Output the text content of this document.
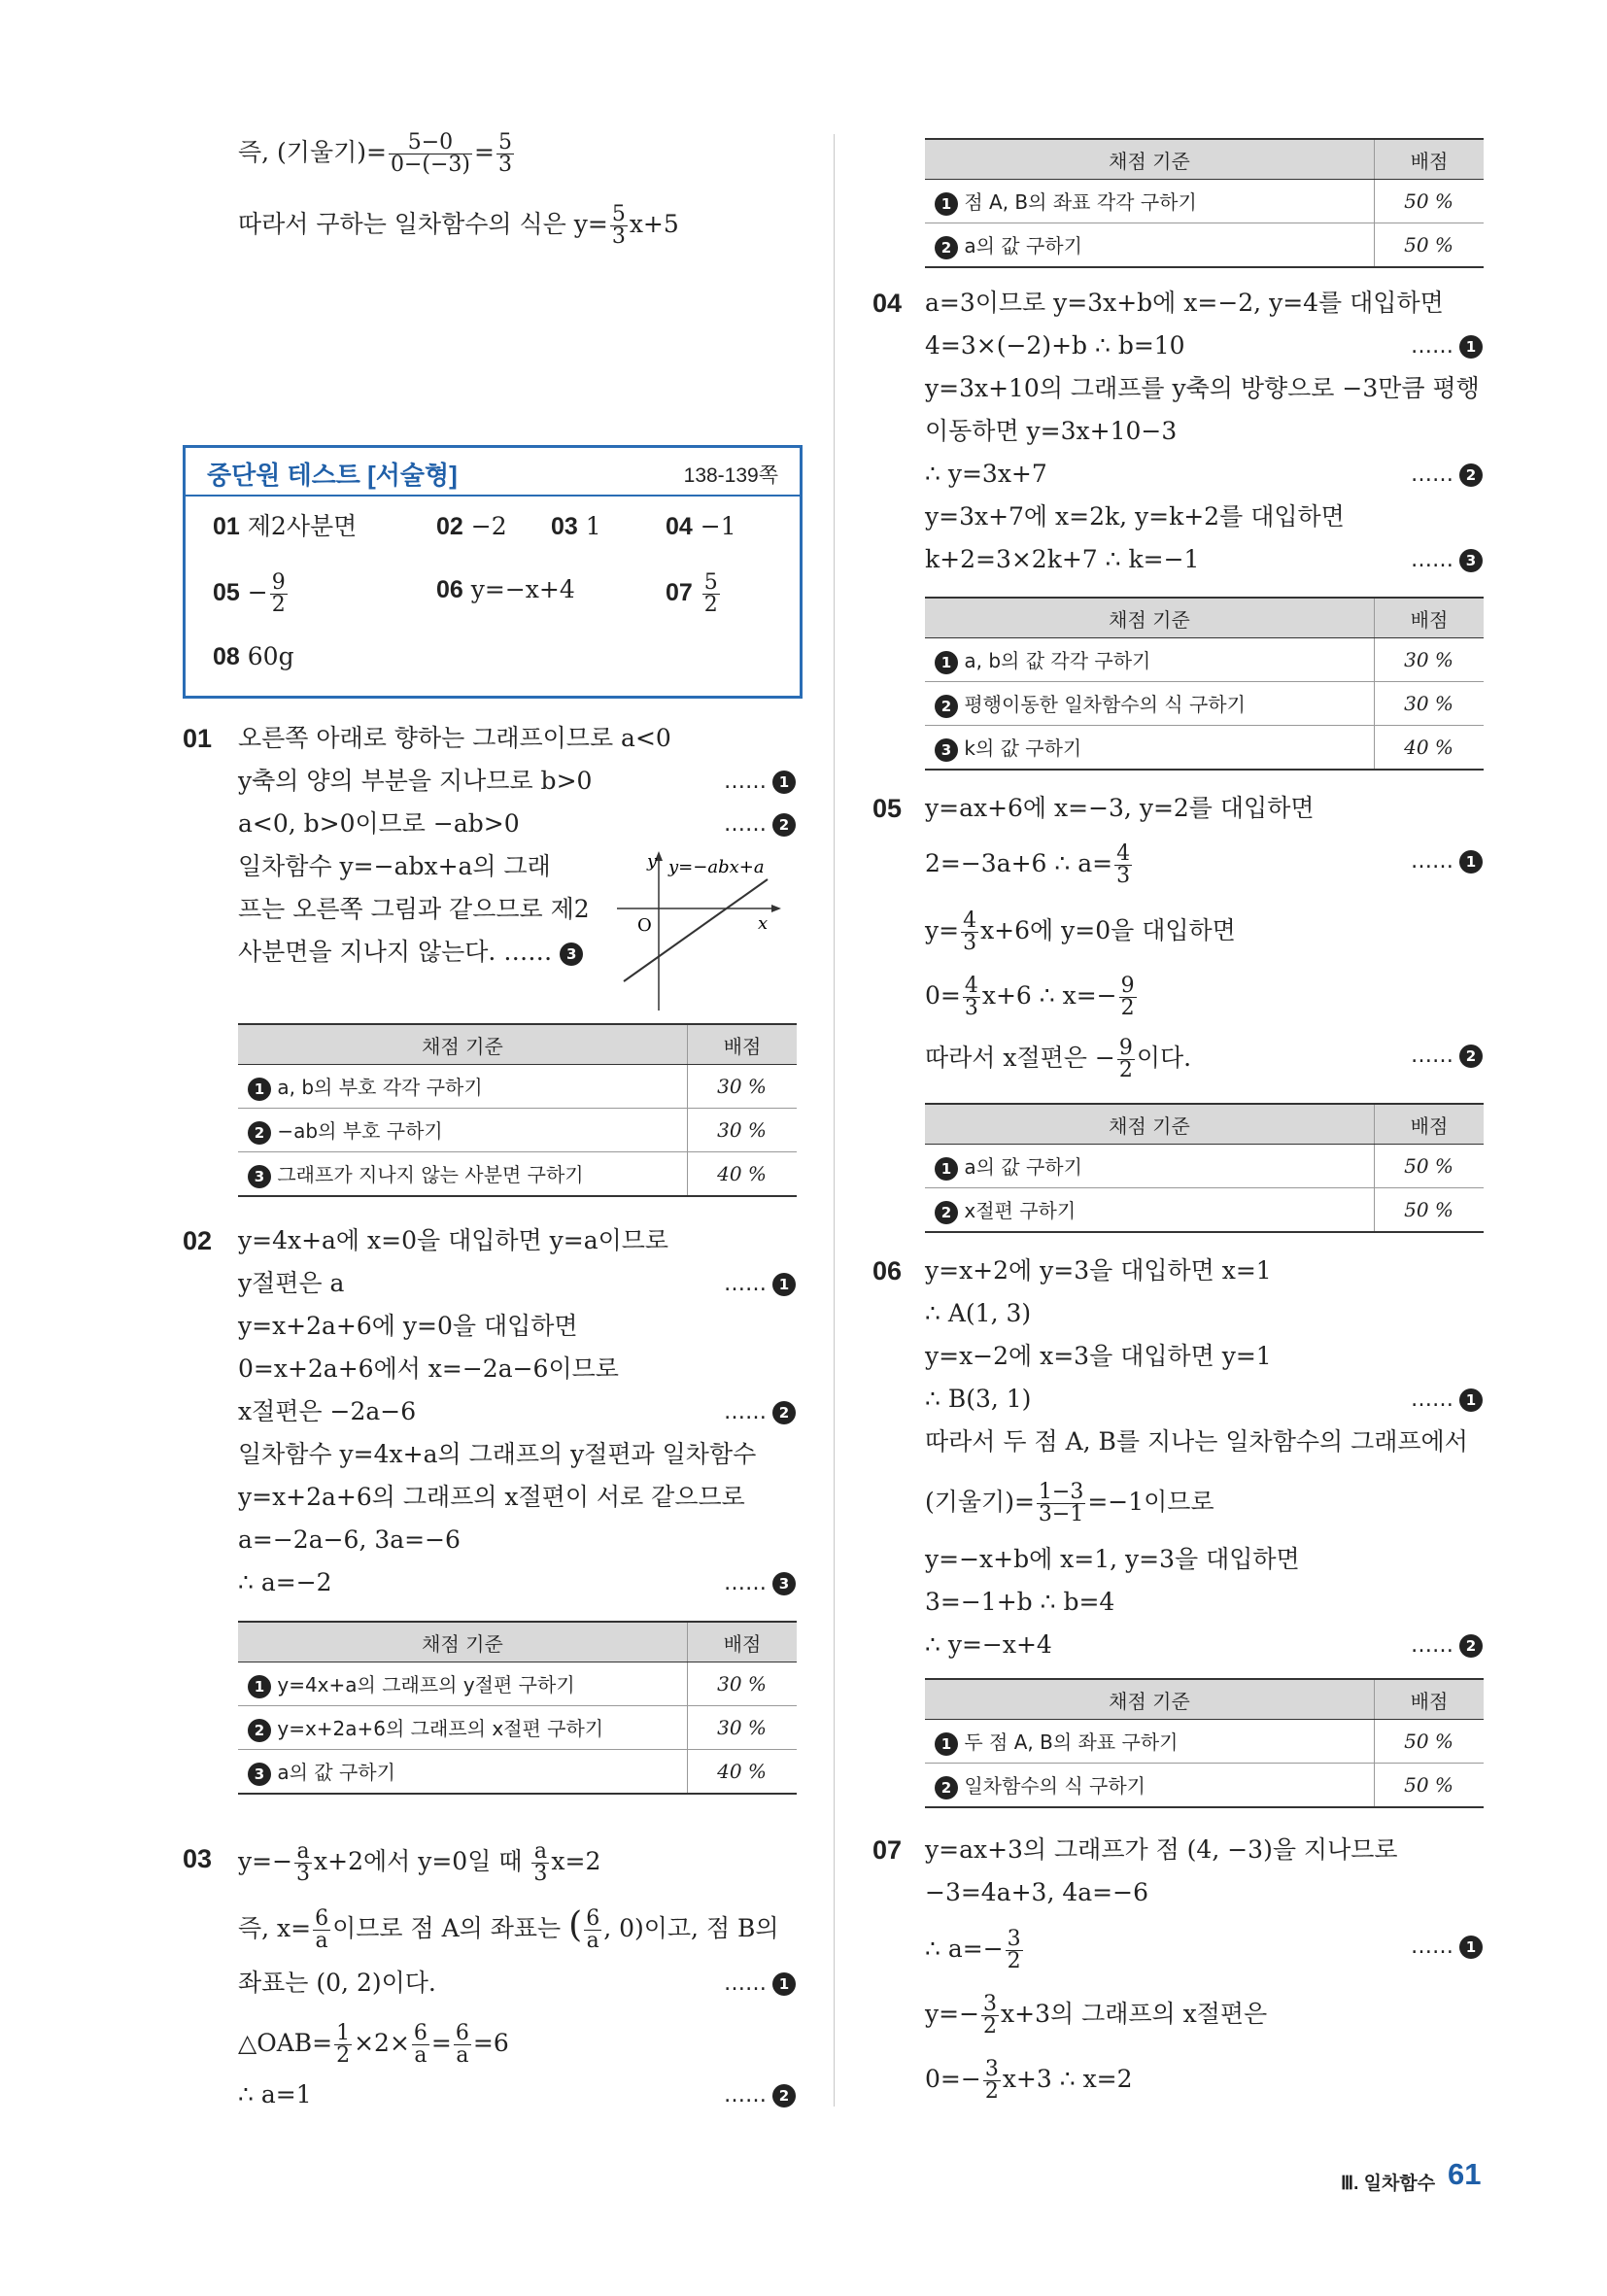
즉, (기울기)= $\frac{5-0}{0-(-3)} = \frac{5}{3}$
따라서 구하는 일차함수의 식은 $y= \frac{5}{3} x+5$
중단원 테스트 [서술형]	138-139쪽
01 제2사분면	02 −2 03 1	04 −1
$05 - \frac{9}{2}$	06 y=−x+4	$07 \frac{5}{2}$
08 60g
01 오른쪽 아래로 향하는 그래프이므로 a<0
y축의 양의 부분을 지나므로 b>0
a<0, b>0이므로 −ab>0
일차함수 y=−abx+a의 그래
프는 오른쪽 그림과 같으므로 제2
사분면을 지나지 않는다. …… 3
…… 1
…… 2
y
x
O
y=−abx+a
채점 기준	배점
1 a, b의 부호 각각 구하기	30 %
2 −ab의 부호 구하기	30 %
3 그래프가 지나지 않는 사분면 구하기	40 %
02 y=4x+a에 x=0을 대입하면 y=a이므로
y절편은 a
y=x+2a+6에 y=0을 대입하면
0=x+2a+6에서 x=−2a−6이므로
x절편은 −2a−6
일차함수 y=4x+a의 그래프의 y절편과 일차함수
y=x+2a+6의 그래프의 x절편이 서로 같으므로
a=−2a−6, 3a=−6
∴ a=−2
…… 1
…… 2
…… 3
채점 기준	배점
1 y=4x+a의 그래프의 y절편 구하기	30 %
2 y=x+2a+6의 그래프의 x절편 구하기	30 %
3 a의 값 구하기	40 %
03 $y=- \frac{a}{3} x+2$에서 y=0일 때 $\frac{a}{3} x=2$
즉, $x= \frac{6}{a}$ 이므로 점 A의 좌표는 ( $\frac{6}{a}$ , 0)이고, 점 B의
좌표는 (0, 2)이다.	…… 1
△OAB= $\frac{1}{2} \times 2\times \frac{6}{a} = \frac{6}{a} =6$
∴ a=1	…… 2
채점 기준	배점
1 점 A, B의 좌표 각각 구하기	50 %
2 a의 값 구하기	50 %
04 a=3이므로 y=3x+b에 x=−2, y=4를 대입하면
4=3×(−2)+b ∴ b=10
y=3x+10의 그래프를 y축의 방향으로 −3만큼 평행
이동하면 y=3x+10−3
∴ y=3x+7
y=3x+7에 x=2k, y=k+2를 대입하면
k+2=3×2k+7 ∴ k=−1
…… 1
…… 2
…… 3
채점 기준	배점
1 a, b의 값 각각 구하기	30 %
2 평행이동한 일차함수의 식 구하기	30 %
3 k의 값 구하기	40 %
05 y=ax+6에 x=−3, y=2를 대입하면
2=−3a+6 ∴ $a= \frac{4}{3}$	…… 1
$y= \frac{4}{3} x+6$에 y=0을 대입하면
$0= \frac{4}{3} x+6$ ∴ $x=- \frac{9}{2}$
따라서 x절편은 − $\frac{9}{2}$ 이다.	…… 2
채점 기준	배점
1 a의 값 구하기	50 %
2 x절편 구하기	50 %
06 y=x+2에 y=3을 대입하면 x=1
∴ A(1, 3)
y=x−2에 x=3을 대입하면 y=1
∴ B(3, 1)	…… 1
따라서 두 점 A, B를 지나는 일차함수의 그래프에서
(기울기)= $\frac{1-3}{3-1} =-1$이므로
y=−x+b에 x=1, y=3을 대입하면
3=−1+b ∴ b=4
∴ y=−x+4	…… 2
채점 기준	배점
1 두 점 A, B의 좌표 구하기	50 %
2 일차함수의 식 구하기	50 %
07 y=ax+3의 그래프가 점 (4, −3)을 지나므로
−3=4a+3, 4a=−6
∴ $a=- \frac{3}{2}$	…… 1
$y=- \frac{3}{2} x+3$의 그래프의 x절편은
$0=- \frac{3}{2} x+3$ ∴ x=2
Ⅲ. 일차함수 61
